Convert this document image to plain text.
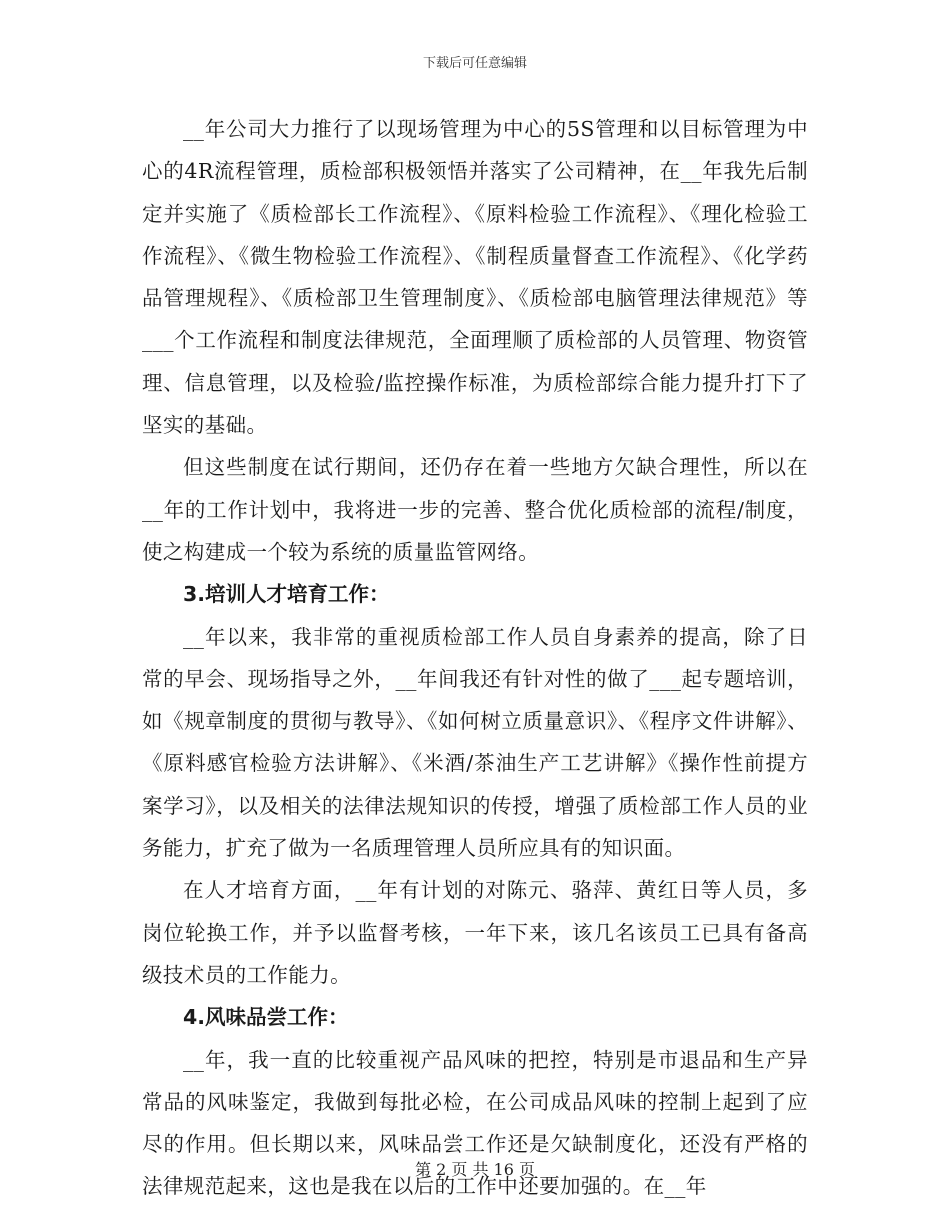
下载后可任意编辑

__年公司大力推行了以现场管理为中心的5S管理和以目标管理为中心的4R流程管理，质检部积极领悟并落实了公司精神，在__年我先后制定并实施了《质检部长工作流程》、《原料检验工作流程》、《理化检验工作流程》、《微生物检验工作流程》、《制程质量督查工作流程》、《化学药品管理规程》、《质检部卫生管理制度》、《质检部电脑管理法律规范》等___个工作流程和制度法律规范，全面理顺了质检部的人员管理、物资管理、信息管理，以及检验/监控操作标准，为质检部综合能力提升打下了坚实的基础。

但这些制度在试行期间，还仍存在着一些地方欠缺合理性，所以在__年的工作计划中，我将进一步的完善、整合优化质检部的流程/制度，使之构建成一个较为系统的质量监管网络。

3.培训人才培育工作：

__年以来，我非常的重视质检部工作人员自身素养的提高，除了日常的早会、现场指导之外，__年间我还有针对性的做了___起专题培训，如《规章制度的贯彻与教导》、《如何树立质量意识》、《程序文件讲解》、《原料感官检验方法讲解》、《米酒/茶油生产工艺讲解》《操作性前提方案学习》，以及相关的法律法规知识的传授，增强了质检部工作人员的业务能力，扩充了做为一名质理管理人员所应具有的知识面。

在人才培育方面，__年有计划的对陈元、骆萍、黄红日等人员，多岗位轮换工作，并予以监督考核，一年下来，该几名该员工已具有备高级技术员的工作能力。

4.风味品尝工作：

__年，我一直的比较重视产品风味的把控，特别是市退品和生产异常品的风味鉴定，我做到每批必检，在公司成品风味的控制上起到了应尽的作用。但长期以来，风味品尝工作还是欠缺制度化，还没有严格的法律规范起来，这也是我在以后的工作中还要加强的。在__年

第 2 页 共 16 页
